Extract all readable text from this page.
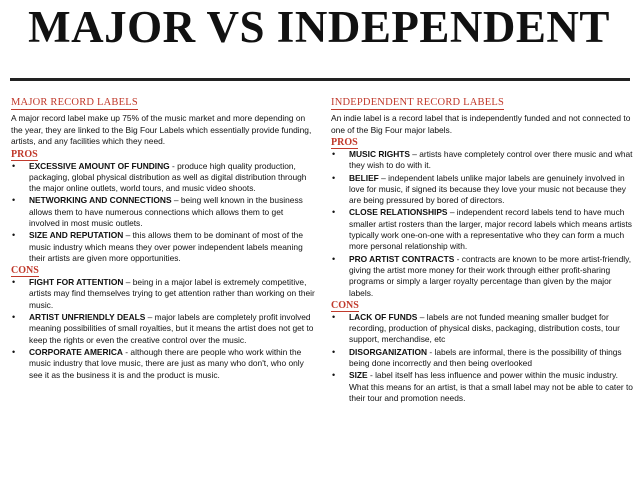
MAJOR VS INDEPENDENT
MAJOR RECORD LABELS

A major record label make up 75% of the music market and more depending on the year, they are linked to the Big Four Labels which essentially provide funding, artists, and any facilities which they need.

PROS
• EXCESSIVE AMOUNT OF FUNDING - produce high quality production, packaging, global physical distribution as well as digital distribution through the major online outlets, world tours, and music video shoots.
• NETWORKING AND CONNECTIONS – being well known in the business allows them to have numerous connections which allows them to get involved in most music outlets.
• SIZE AND REPUTATION – this allows them to be dominant of most of the music industry which means they over power independent labels meaning their artists are given more opportunities.
CONS
• FIGHT FOR ATTENTION – being in a major label is extremely competitive, artists may find themselves trying to get attention rather than working on their music.
• ARTIST UNFRIENDLY DEALS – major labels are completely profit involved meaning possibilities of small royalties, but it means the artist does not get to keep the rights or even the creative control over the music.
• CORPORATE AMERICA - although there are people who work within the music industry that love music, there are just as many who don't, who only see it as the business it is and the product is music.
INDEPDENDENT RECORD LABELS

An indie label is a record label that is independently funded and not connected to one of the Big Four major labels.

PROS
• MUSIC RIGHTS – artists have completely control over there music and what they wish to do with it.
• BELIEF – independent labels unlike major labels are genuinely involved in love for music, if signed its because they love your music not because they are being pressured by bored of directors.
• CLOSE RELATIONSHIPS – independent record labels tend to have much smaller artist rosters than the larger, major record labels which means artists typically work one-on-one with a representative who they can form a much more personal relationship with.
• PRO ARTIST CONTRACTS - contracts are known to be more artist-friendly, giving the artist more money for their work through either profit-sharing programs or simply a larger royalty percentage than given by the major labels.
CONS
• LACK OF FUNDS – labels are not funded meaning smaller budget for recording, production of physical disks, packaging, distribution costs, tour support, merchandise, etc
• DISORGANIZATION - labels are informal, there is the possibility of things being done incorrectly and then being overlooked
• SIZE - label itself has less influence and power within the music industry. What this means for an artist, is that a small label may not be able to cater to their tour and promotion needs.
